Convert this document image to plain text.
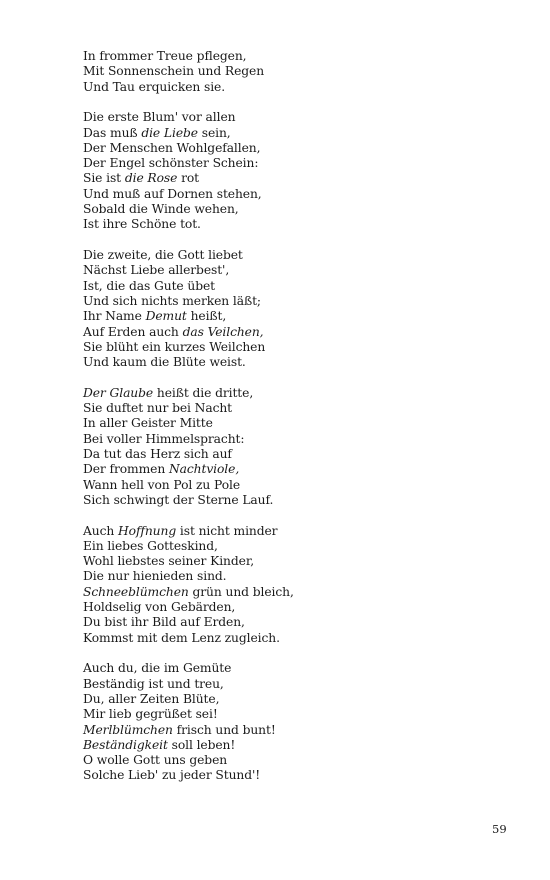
In frommer Treue pflegen,
Mit Sonnenschein und Regen
Und Tau erquicken sie.
Die erste Blum' vor allen
Das muß die Liebe sein,
Der Menschen Wohlgefallen,
Der Engel schönster Schein:
Sie ist die Rose rot
Und muß auf Dornen stehen,
Sobald die Winde wehen,
Ist ihre Schöne tot.
Die zweite, die Gott liebet
Nächst Liebe allerbest',
Ist, die das Gute übet
Und sich nichts merken läßt;
Ihr Name Demut heißt,
Auf Erden auch das Veilchen,
Sie blüht ein kurzes Weilchen
Und kaum die Blüte weist.
Der Glaube heißt die dritte,
Sie duftet nur bei Nacht
In aller Geister Mitte
Bei voller Himmelspracht:
Da tut das Herz sich auf
Der frommen Nachtviole,
Wann hell von Pol zu Pole
Sich schwingt der Sterne Lauf.
Auch Hoffnung ist nicht minder
Ein liebes Gotteskind,
Wohl liebstes seiner Kinder,
Die nur hienieden sind.
Schneeblümchen grün und bleich,
Holdselig von Gebärden,
Du bist ihr Bild auf Erden,
Kommst mit dem Lenz zugleich.
Auch du, die im Gemüte
Beständig ist und treu,
Du, aller Zeiten Blüte,
Mir lieb gegrüßet sei!
Merlblümchen frisch und bunt!
Beständigkeit soll leben!
O wolle Gott uns geben
Solche Lieb' zu jeder Stund'!
59
